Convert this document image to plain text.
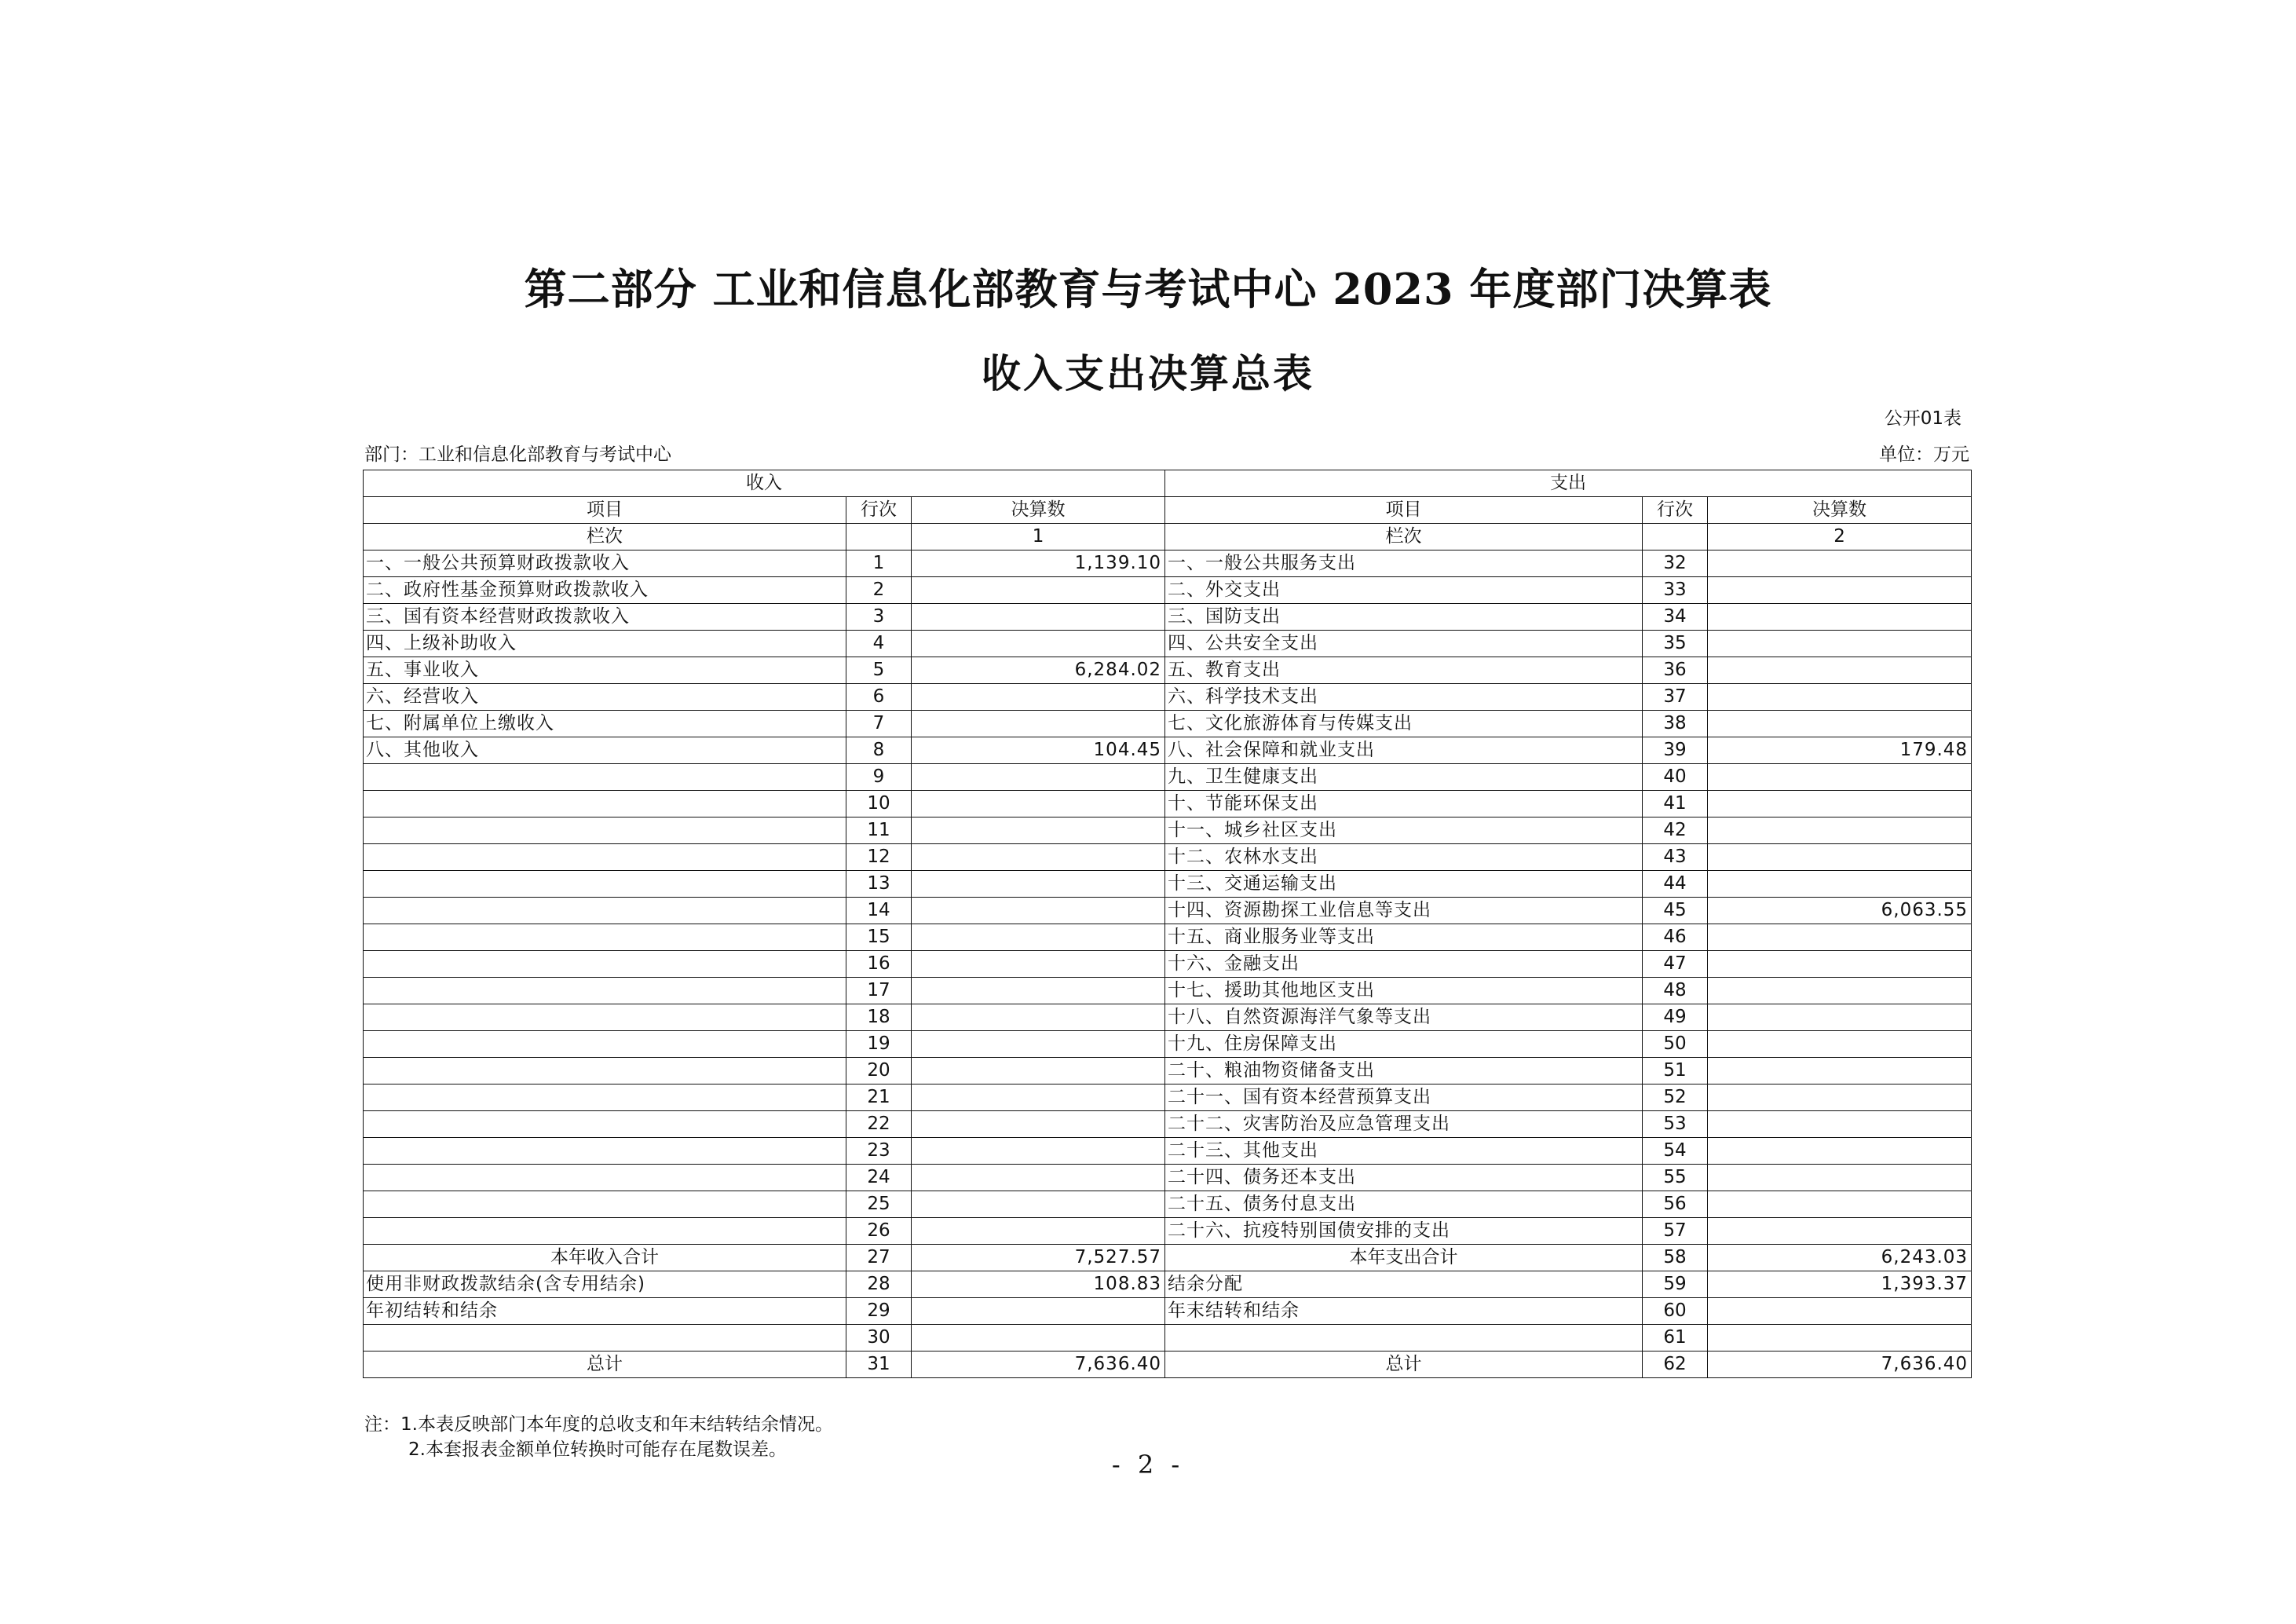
第二部分 工业和信息化部教育与考试中心 2023 年度部门决算表
收入支出决算总表
公开01表
部门：工业和信息化部教育与考试中心	单位：万元
收入			支出		
项目	行次	决算数	项目	行次	决算数
栏次		1	栏次		2
一、一般公共预算财政拨款收入	1	1,139.10	一、一般公共服务支出	32	
二、政府性基金预算财政拨款收入	2		二、外交支出	33	
三、国有资本经营财政拨款收入	3		三、国防支出	34	
四、上级补助收入	4		四、公共安全支出	35	
五、事业收入	5	6,284.02	五、教育支出	36	
六、经营收入	6		六、科学技术支出	37	
七、附属单位上缴收入	7		七、文化旅游体育与传媒支出	38	
八、其他收入	8	104.45	八、社会保障和就业支出	39	179.48
	9		九、卫生健康支出	40	
	10		十、节能环保支出	41	
	11		十一、城乡社区支出	42	
	12		十二、农林水支出	43	
	13		十三、交通运输支出	44	
	14		十四、资源勘探工业信息等支出	45	6,063.55
	15		十五、商业服务业等支出	46	
	16		十六、金融支出	47	
	17		十七、援助其他地区支出	48	
	18		十八、自然资源海洋气象等支出	49	
	19		十九、住房保障支出	50	
	20		二十、粮油物资储备支出	51	
	21		二十一、国有资本经营预算支出	52	
	22		二十二、灾害防治及应急管理支出	53	
	23		二十三、其他支出	54	
	24		二十四、债务还本支出	55	
	25		二十五、债务付息支出	56	
	26		二十六、抗疫特别国债安排的支出	57	
本年收入合计	27	7,527.57	本年支出合计	58	6,243.03
使用非财政拨款结余(含专用结余)	28	108.83	结余分配	59	1,393.37
年初结转和结余	29		年末结转和结余	60	
	30			61	
总计	31	7,636.40	总计	62	7,636.40
注：1.本表反映部门本年度的总收支和年末结转结余情况。
2.本套报表金额单位转换时可能存在尾数误差。	- 2 -
